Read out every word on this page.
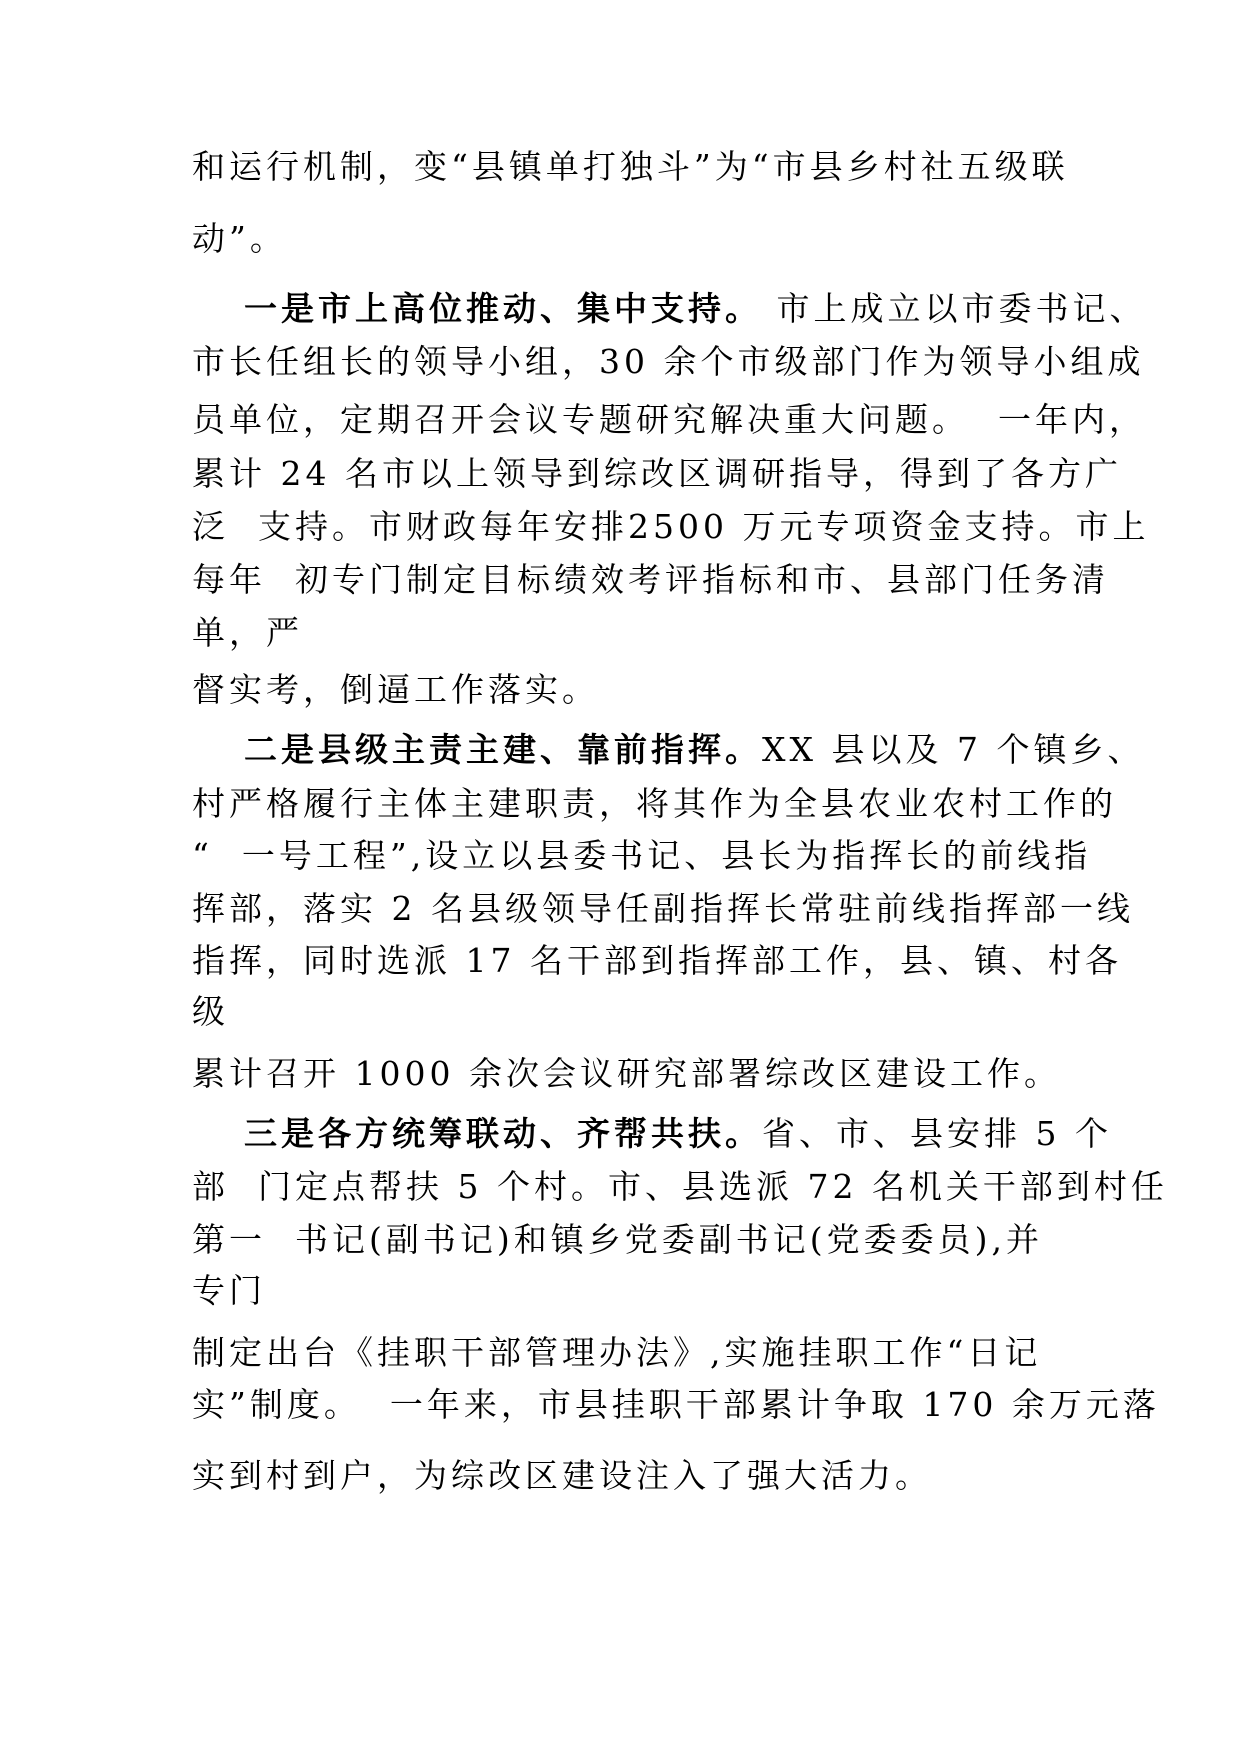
和运行机制，变“县镇单打独斗”为“市县乡村社五级联

动”。

一是市上高位推动、集中支持。 市上成立以市委书记、

市长任组长的领导小组，30 余个市级部门作为领导小组成

员单位，定期召开会议专题研究解决重大问题。  一年内，

累计 24 名市以上领导到综改区调研指导，得到了各方广

泛  支持。市财政每年安排2500 万元专项资金支持。市上

每年  初专门制定目标绩效考评指标和市、县部门任务清

单，严

督实考，倒逼工作落实。

二是县级主责主建、靠前指挥。XX 县以及 7 个镇乡、

村严格履行主体主建职责，将其作为全县农业农村工作的

“  一号工程”,设立以县委书记、县长为指挥长的前线指

挥部，落实 2 名县级领导任副指挥长常驻前线指挥部一线

指挥，同时选派 17 名干部到指挥部工作，县、镇、村各

级

累计召开 1000 余次会议研究部署综改区建设工作。

三是各方统筹联动、齐帮共扶。省、市、县安排 5 个

部  门定点帮扶 5 个村。市、县选派 72 名机关干部到村任

第一  书记(副书记)和镇乡党委副书记(党委委员),并

专门

制定出台《挂职干部管理办法》,实施挂职工作“日记

实”制度。  一年来，市县挂职干部累计争取 170 余万元落

实到村到户，为综改区建设注入了强大活力。
